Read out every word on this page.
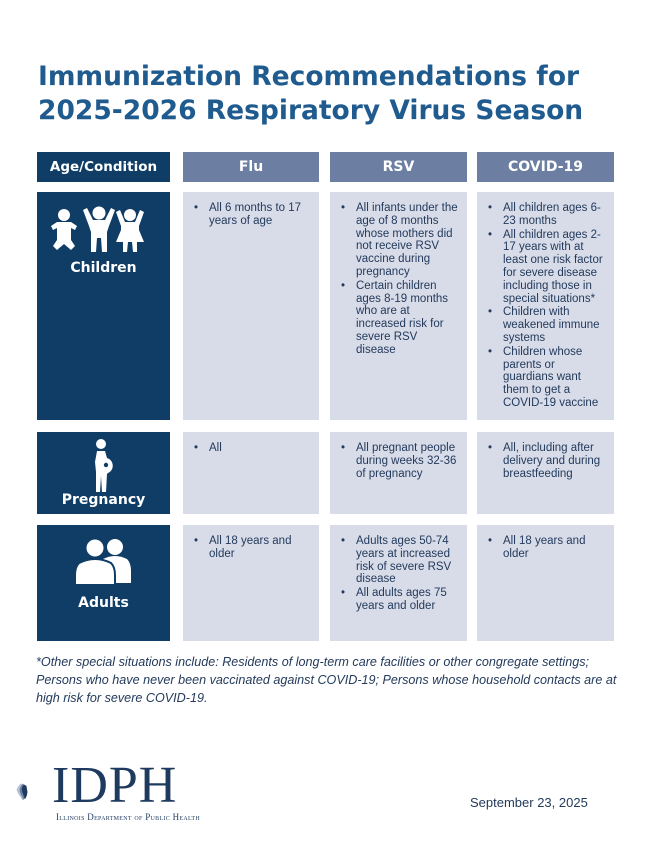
Immunization Recommendations for
2025-2026 Respiratory Virus Season
Age/Condition	Flu	RSV	COVID-19
Children
• All 6 months to 17 years of age
• All infants under the age of 8 months whose mothers did not receive RSV vaccine during pregnancy
• Certain children ages 8-19 months who are at increased risk for severe RSV disease
• All children ages 6-23 months
• All children ages 2-17 years with at least one risk factor for severe disease including those in special situations*
• Children with weakened immune systems
• Children whose parents or guardians want them to get a COVID-19 vaccine
Pregnancy
• All
•	All pregnant people during weeks 32-36 of pregnancy
• All, including after delivery and during breastfeeding
Adults
• All 18 years and older
• Adults ages 50-74 years at increased risk of severe RSV disease
• All adults ages 75 years and older
• All 18 years and older

*Other special situations include: Residents of long-term care facilities or other congregate settings; Persons who have never been vaccinated against COVID-19; Persons whose household contacts are at high risk for severe COVID-19.

IDPH
Illinois Department of Public Health
September 23, 2025
